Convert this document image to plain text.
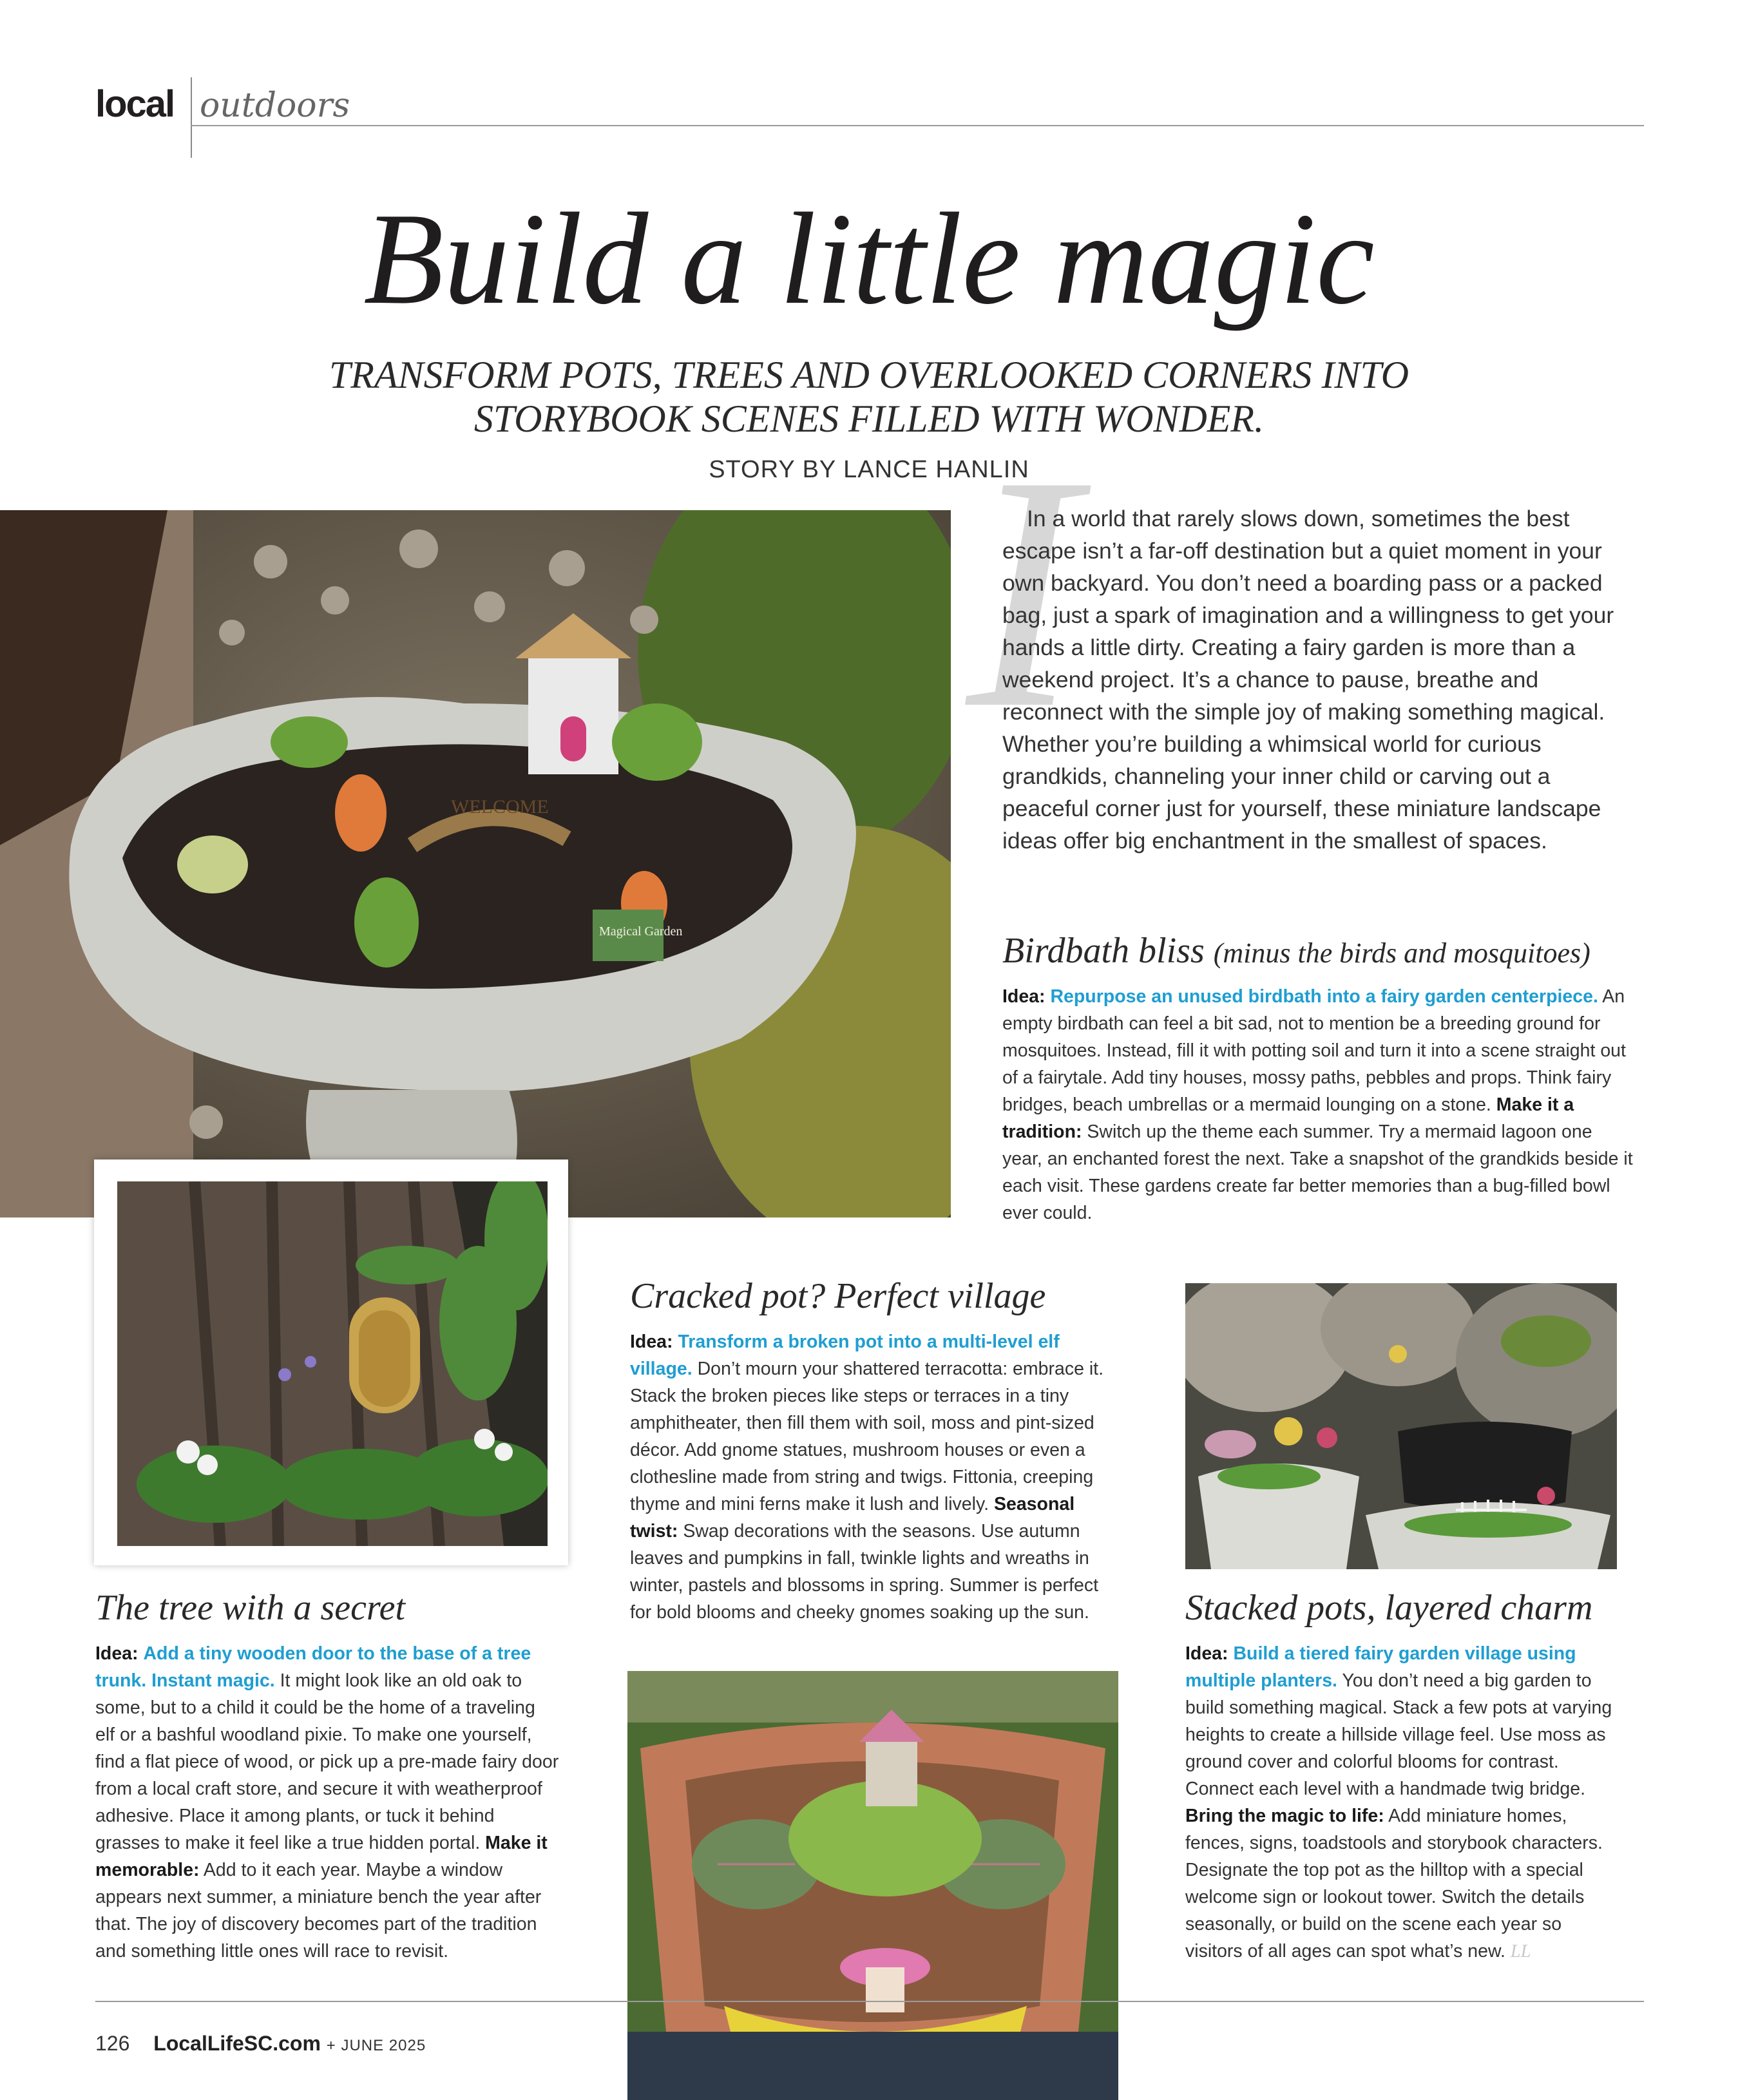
local outdoors
Build a little magic
TRANSFORM POTS, TREES AND OVERLOOKED CORNERS INTO
STORYBOOK SCENES FILLED WITH WONDER.
STORY BY LANCE HANLIN
I
WELCOME
Magical Garden

In a world that rarely slows down, sometimes the best escape isn’t a far-off destination but a quiet moment in your own backyard. You don’t need a boarding pass or a packed bag, just a spark of imagination and a willingness to get your hands a little dirty. Creating a fairy garden is more than a weekend project. It’s a chance to pause, breathe and reconnect with the simple joy of making something magical. Whether you’re building a whimsical world for curious grandkids, channeling your inner child or carving out a peaceful corner just for yourself, these miniature landscape ideas offer big enchantment in the smallest of spaces.

Birdbath bliss (minus the birds and mosquitoes)

Idea: Repurpose an unused birdbath into a fairy garden centerpiece. An empty birdbath can feel a bit sad, not to mention be a breeding ground for mosquitoes. Instead, fill it with potting soil and turn it into a scene straight out of a fairytale. Add tiny houses, mossy paths, pebbles and props. Think fairy bridges, beach umbrellas or a mermaid lounging on a stone. Make it a tradition: Switch up the theme each summer. Try a mermaid lagoon one year, an enchanted forest the next. Take a snapshot of the grandkids beside it each visit. These gardens create far better memories than a bug-filled bowl ever could.

The tree with a secret

Idea: Add a tiny wooden door to the base of a tree trunk. Instant magic. It might look like an old oak to some, but to a child it could be the home of a traveling elf or a bashful woodland pixie. To make one yourself, find a flat piece of wood, or pick up a pre-made fairy door from a local craft store, and secure it with weatherproof adhesive. Place it among plants, or tuck it behind grasses to make it feel like a true hidden portal. Make it memorable: Add to it each year. Maybe a window appears next summer, a miniature bench the year after that. The joy of discovery becomes part of the tradition and something little ones will race to revisit.

Cracked pot? Perfect village

Idea: Transform a broken pot into a multi-level elf village. Don’t mourn your shattered terracotta: embrace it. Stack the broken pieces like steps or terraces in a tiny amphitheater, then fill them with soil, moss and pint-sized décor. Add gnome statues, mushroom houses or even a clothesline made from string and twigs. Fittonia, creeping thyme and mini ferns make it lush and lively. Seasonal twist: Swap decorations with the seasons. Use autumn leaves and pumpkins in fall, twinkle lights and wreaths in winter, pastels and blossoms in spring. Summer is perfect for bold blooms and cheeky gnomes soaking up the sun.	Stacked pots, layered charm

Idea: Build a tiered fairy garden village using multiple planters. You don’t need a big garden to build something magical. Stack a few pots at varying heights to create a hillside village feel. Use moss as ground cover and colorful blooms for contrast. Connect each level with a handmade twig bridge. Bring the magic to life: Add miniature homes, fences, signs, toadstools and storybook characters. Designate the top pot as the hilltop with a special welcome sign or lookout tower. Switch the details seasonally, or build on the scene each year so visitors of all ages can spot what’s new. LL

126 LocalLifeSC.com + JUNE 2025
